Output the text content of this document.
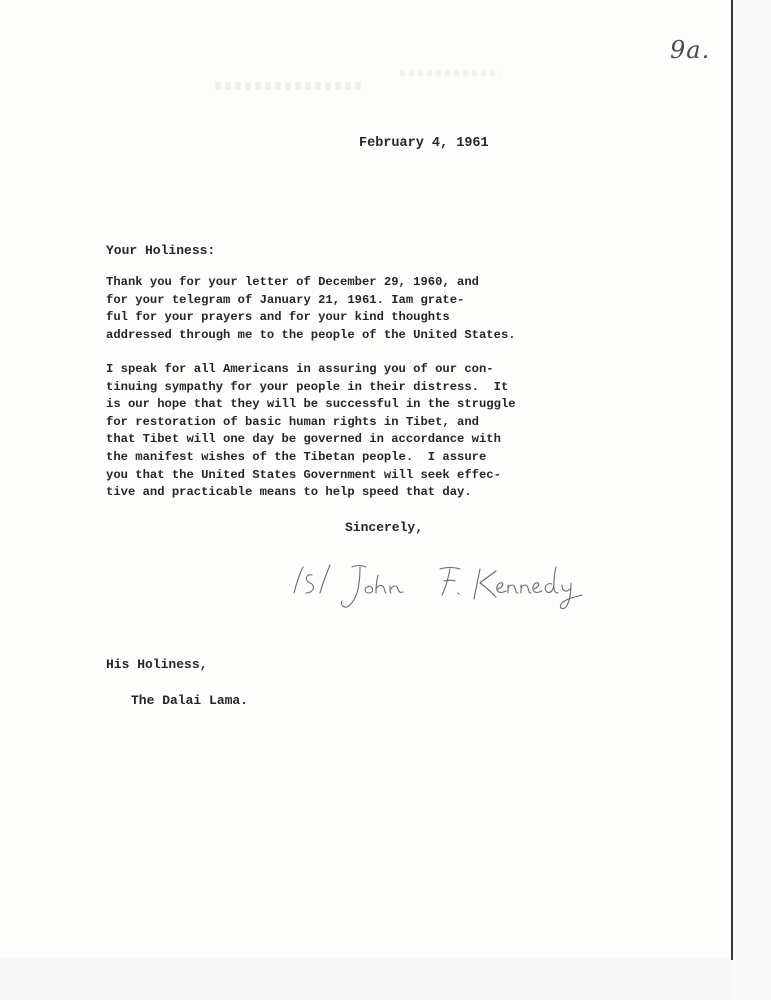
9a.
February 4, 1961
Your Holiness:
Thank you for your letter of December 29, 1960, and
for your telegram of January 21, 1961. Iam grate-
ful for your prayers and for your kind thoughts
addressed through me to the people of the United States.
I speak for all Americans in assuring you of our con-
tinuing sympathy for your people in their distress.  It
is our hope that they will be successful in the struggle
for restoration of basic human rights in Tibet, and
that Tibet will one day be governed in accordance with
the manifest wishes of the Tibetan people.  I assure
you that the United States Government will seek effec-
tive and practicable means to help speed that day.
Sincerely,
His Holiness,
The Dalai Lama.
